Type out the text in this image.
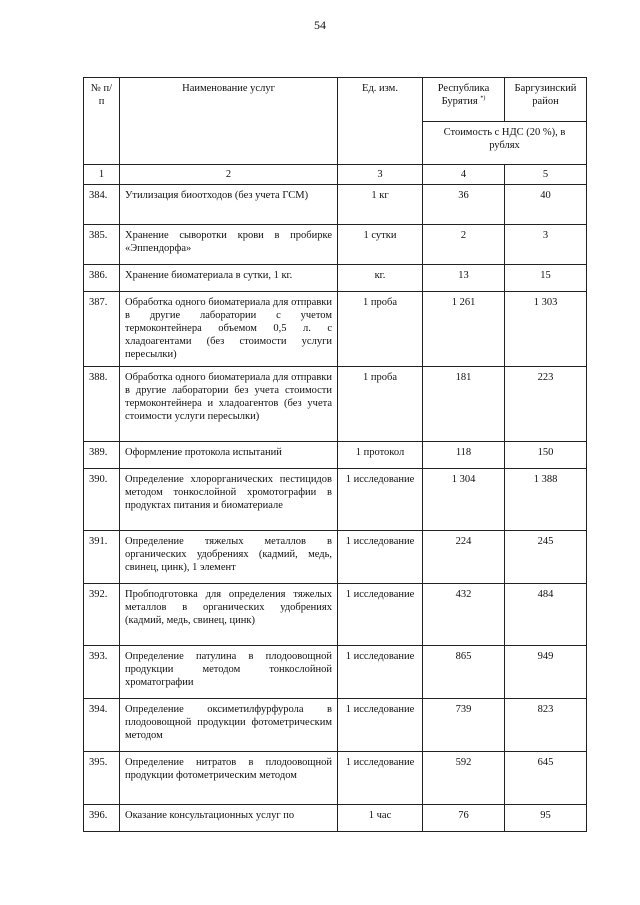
54
№ п/п	Наименование услуг	Ед. изм.	Республика Бурятия *)	Баргузинский район
			Стоимость с НДС (20 %), в рублях	
1	2	3	4	5
384.	Утилизация биоотходов (без учета ГСМ)	1 кг	36	40
385.	Хранение сыворотки крови в пробирке «Эппендорфа»	1 сутки	2	3
386.	Хранение биоматериала в сутки, 1 кг.	кг.	13	15
387.	Обработка одного биоматериала для отправки в другие лаборатории с учетом термоконтейнера объемом 0,5 л. с хладоагентами (без стоимости услуги пересылки)	1 проба	1 261	1 303
388.	Обработка одного биоматериала для отправки в другие лаборатории без учета стоимости термоконтейнера и хладоагентов (без учета стоимости услуги пересылки)	1 проба	181	223
389.	Оформление протокола испытаний	1 протокол	118	150
390.	Определение хлорорганических пестицидов методом тонкослойной хромотографии в продуктах питания и биоматериале	1 исследование	1 304	1 388
391.	Определение тяжелых металлов в органических удобрениях (кадмий, медь, свинец, цинк), 1 элемент	1 исследование	224	245
392.	Пробподготовка для определения тяжелых металлов в органических удобрениях (кадмий, медь, свинец, цинк)	1 исследование	432	484
393.	Определение патулина в плодоовощной продукции методом тонкослойной хроматографии	1 исследование	865	949
394.	Определение оксиметилфурфурола в плодоовощной продукции фотометрическим методом	1 исследование	739	823
395.	Определение нитратов в плодоовощной продукции фотометрическим методом	1 исследование	592	645
396.	Оказание консультационных услуг по	1 час	76	95
